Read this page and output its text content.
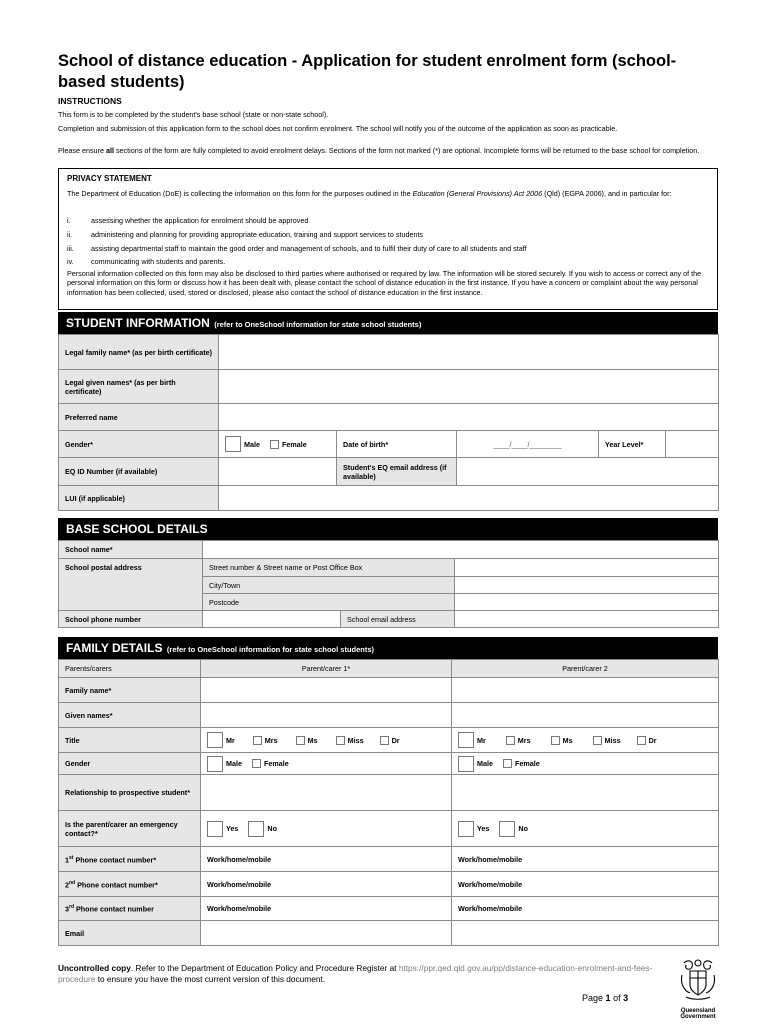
School of distance education - Application for student enrolment form (school-based students)
INSTRUCTIONS
This form is to be completed by the student's base school (state or non-state school).
Completion and submission of this application form to the school does not confirm enrolment. The school will notify you of the outcome of the application as soon as practicable.
Please ensure all sections of the form are fully completed to avoid enrolment delays. Sections of the form not marked (*) are optional. Incomplete forms will be returned to the base school for completion.
PRIVACY STATEMENT
The Department of Education (DoE) is collecting the information on this form for the purposes outlined in the Education (General Provisions) Act 2006 (Qld) (EGPA 2006), and in particular for:
i.	assessing whether the application for enrolment should be approved
ii.	administering and planning for providing appropriate education, training and support services to students
iii. assisting departmental staff to maintain the good order and management of schools, and to fulfil their duty of care to all students and staff
iv. communicating with students and parents.
Personal information collected on this form may also be disclosed to third parties where authorised or required by law. The information will be stored securely. If you wish to access or correct any of the personal information on this form or discuss how it has been dealt with, please contact the school of distance education in the first instance. If you have a concern or complaint about the way personal information has been collected, used, stored or disclosed, please also contact the school of distance education in the first instance.
STUDENT INFORMATION (refer to OneSchool information for state school students)
Legal family name* (as per birth certificate)					
Legal given names* (as per birth certificate)					
Preferred name					
Gender*	Male Female	Date of birth*	____/____/________	Year Level*	
EQ ID Number (if available)		Student's EQ email address (if available)			
LUI (if applicable)					
BASE SCHOOL DETAILS
School name*			
School postal address	Street number & Street name or Post Office Box		
	City/Town		
	Postcode		
School phone number		School email address	
FAMILY DETAILS (refer to OneSchool information for state school students)
Parents/carers	Parent/carer 1*	Parent/carer 2
Family name*		
Given names*		
Title	Mr Mrs Ms Miss Dr	Mr Mrs Ms Miss Dr
Gender	Male Female	Male Female
Relationship to prospective student*		
Is the parent/carer an emergency contact?*	Yes No	Yes No
1st Phone contact number*	Work/home/mobile	Work/home/mobile
2nd Phone contact number*	Work/home/mobile	Work/home/mobile
3rd Phone contact number	Work/home/mobile	Work/home/mobile
Email		
Uncontrolled copy. Refer to the Department of Education Policy and Procedure Register at https://ppr.qed.qld.gov.au/pp/distance-education-enrolment-and-fees-procedure to ensure you have the most current version of this document.
Page 1 of 3
Queensland
Government
